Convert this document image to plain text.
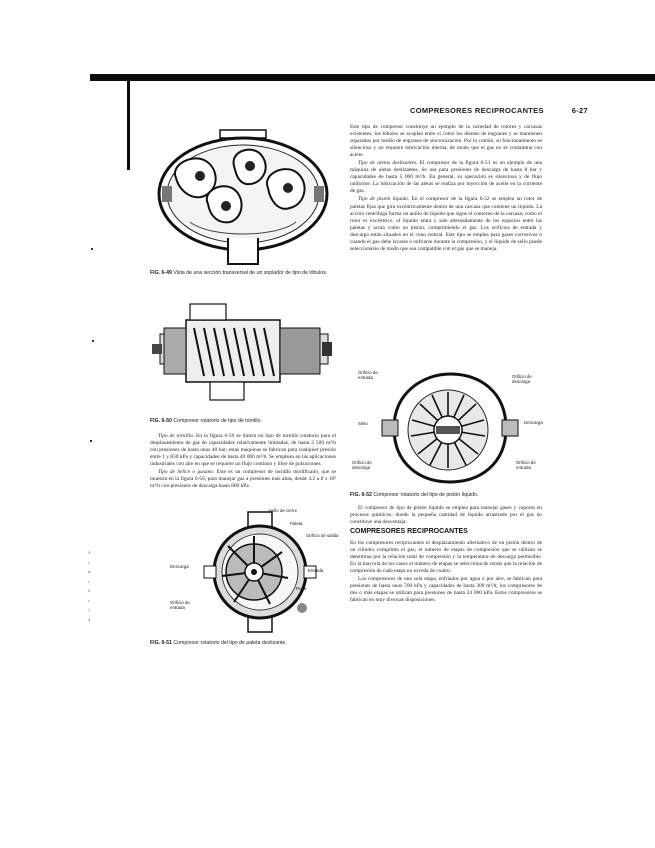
COMPRESORES RECIPROCANTES	6-27
FIG. 6-49 Vista de una sección transversal de un soplador de tipo de lóbulos.
FIG. 6-50 Compresor rotatorio de tipo de tornillo.

Tipo de tornillo. En la figura 6-50 se ilustra un tipo de tornillo rotatorio para el desplazamiento de gas de capacidades relativamente limitadas, de hasta 2 500 m³/h con presiones de hasta unos 40 bar; estas máquinas se fabrican para cualquier presión entre 1 y 850 kPa y capacidades de hasta 40 000 m³/h. Se emplean en las aplicaciones industriales con aire en que se requiere un flujo continuo y libre de pulsaciones.

Tipo de hélice o gusano. Este es un compresor de tornillo modificado, que se muestra en la figura 6-50, para manejar gas a presiones más altas, desde 4.2 a 8 x 10³ m³/h con presiones de descarga hasta 860 kPa.

Anillo de cierre
Paleta
Orificio de salida
Descarga
Entrada
Rotor
Orificio de entrada
FIG. 6-51 Compresor rotatorio del tipo de paleta deslizante.

Este tipo de compresor constituye un ejemplo de la variedad de rotores y carcasas existentes; los lóbulos se acoplan entre sí como los dientes de engranes y se mantienen separados por medio de engranes de sincronización. Por lo común, su funcionamiento es silencioso y no requiere lubricación interna, de modo que el gas no se contamina con aceite.

Tipo de aletas deslizantes. El compresor de la figura 6-51 es un ejemplo de una máquina de aletas deslizantes. Se usa para presiones de descarga de hasta 8 bar y capacidades de hasta 5 000 m³/h. En general, su operación es silenciosa y de flujo uniforme. La lubricación de las aletas se realiza por inyección de aceite en la corriente de gas.

Tipo de pistón líquido. En el compresor de la figura 6-52 se emplea un rotor de paletas fijas que gira excéntricamente dentro de una carcasa que contiene un líquido. La acción centrífuga forma un anillo de líquido que sigue el contorno de la carcasa; como el rotor es excéntrico, el líquido entra y sale alternadamente de los espacios entre las paletas y actúa como un pistón, comprimiendo el gas. Los orificios de entrada y descarga están situados en el cono central. Este tipo se emplea para gases corrosivos o cuando el gas debe lavarse o enfriarse durante la compresión, y el líquido de sello puede seleccionarse de modo que sea compatible con el gas que se maneja.

Orificio de entrada	Orificio de descarga
Sello	Descarga
Orificio de descarga
Orificio de entrada
FIG. 6-52 Compresor rotatorio del tipo de pistón líquido.

El compresor de tipo de pistón líquido se emplea para manejar gases y vapores en procesos químicos, donde la pequeña cantidad de líquido arrastrado por el gas no constituye una desventaja.

COMPRESORES RECIPROCANTES

En los compresores reciprocantes el desplazamiento alternativo de un pistón dentro de un cilindro comprime el gas; el número de etapas de compresión que se utilizan se determina por la relación total de compresión y la temperatura de descarga permisible. En la mayoría de los casos el número de etapas se selecciona de modo que la relación de compresión de cada etapa no exceda de cuatro.

Los compresores de una sola etapa, enfriados por agua o por aire, se fabrican para presiones de hasta unos 700 kPa y capacidades de hasta 300 m³/h; los compresores de dos o más etapas se utilizan para presiones de hasta 24 000 kPa. Estos compresores se fabrican en muy diversas disposiciones.

3
•
A
•
Z
•
7
3
